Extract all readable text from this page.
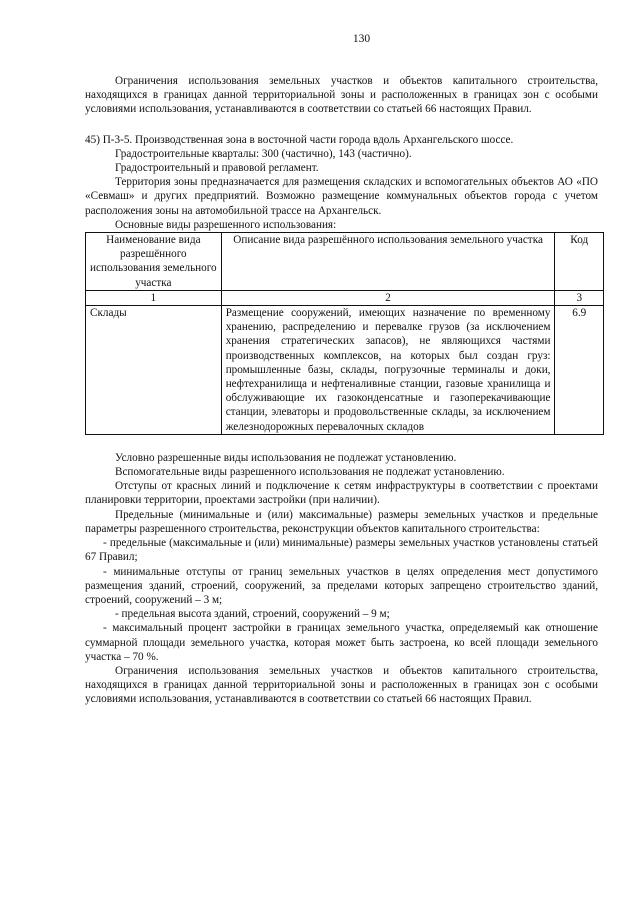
130

Ограничения использования земельных участков и объектов капитального строительства, находящихся в границах данной территориальной зоны и расположенных в границах зон с особыми условиями использования, устанавливаются в соответствии со статьей 66 настоящих Правил.

45) П-3-5. Производственная зона в восточной части города вдоль Архангельского шоссе.

Градостроительные кварталы: 300 (частично), 143 (частично).

Градостроительный и правовой регламент.

Территория зоны предназначается для размещения складских и вспомогательных объектов АО «ПО «Севмаш» и других предприятий. Возможно размещение коммунальных объектов города с учетом расположения зоны на автомобильной трассе на Архангельск.

Основные виды разрешенного использования:

Наименование вида разрешённого использования земельного участка	Описание вида разрешённого использования земельного участка	Код
1	2	3
Склады	Размещение сооружений, имеющих назначение по временному хранению, распределению и перевалке грузов (за исключением хранения стратегических запасов), не являющихся частями производственных комплексов, на которых был создан груз: промышленные базы, склады, погрузочные терминалы и доки, нефтехранилища и нефтеналивные станции, газовые хранилища и обслуживающие их газоконденсатные и газоперекачивающие станции, элеваторы и продовольственные склады, за исключением железнодорожных перевалочных складов	6.9

Условно разрешенные виды использования не подлежат установлению.

Вспомогательные виды разрешенного использования не подлежат установлению.

Отступы от красных линий и подключение к сетям инфраструктуры в соответствии с проектами планировки территории, проектами застройки (при наличии).

Предельные (минимальные и (или) максимальные) размеры земельных участков и предельные параметры разрешенного строительства, реконструкции объектов капитального строительства:

- предельные (максимальные и (или) минимальные) размеры земельных участков установлены статьей 67 Правил;

- минимальные отступы от границ земельных участков в целях определения мест допустимого размещения зданий, строений, сооружений, за пределами которых запрещено строительство зданий, строений, сооружений – 3 м;

- предельная высота зданий, строений, сооружений – 9 м;

- максимальный процент застройки в границах земельного участка, определяемый как отношение суммарной площади земельного участка, которая может быть застроена, ко всей площади земельного участка – 70 %.

Ограничения использования земельных участков и объектов капитального строительства, находящихся в границах данной территориальной зоны и расположенных в границах зон с особыми условиями использования, устанавливаются в соответствии со статьей 66 настоящих Правил.
